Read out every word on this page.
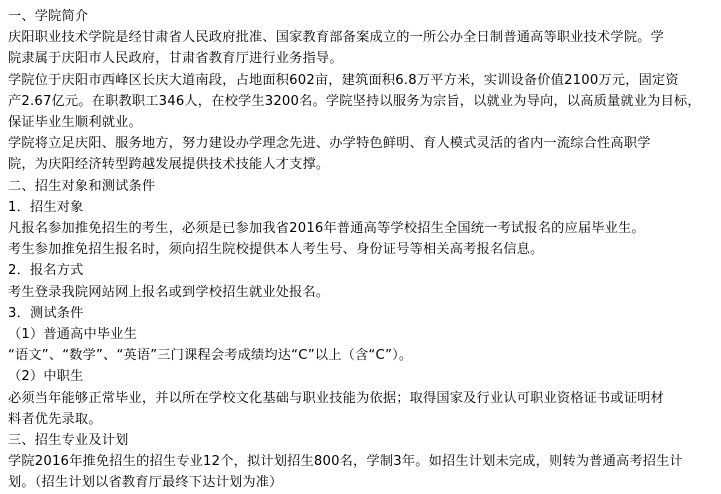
一、学院简介
庆阳职业技术学院是经甘肃省人民政府批准、国家教育部备案成立的一所公办全日制普通高等职业技术学院。学
院隶属于庆阳市人民政府，甘肃省教育厅进行业务指导。
学院位于庆阳市西峰区长庆大道南段，占地面积602亩，建筑面积6.8万平方米，实训设备价值2100万元，固定资
产2.67亿元。在职教职工346人，在校学生3200名。学院坚持以服务为宗旨，以就业为导向，以高质量就业为目标，
保证毕业生顺利就业。
学院将立足庆阳、服务地方，努力建设办学理念先进、办学特色鲜明、育人模式灵活的省内一流综合性高职学
院，为庆阳经济转型跨越发展提供技术技能人才支撑。
二、招生对象和测试条件
1．招生对象
凡报名参加推免招生的考生，必须是已参加我省2016年普通高等学校招生全国统一考试报名的应届毕业生。
考生参加推免招生报名时，须向招生院校提供本人考生号、身份证号等相关高考报名信息。
2．报名方式
考生登录我院网站网上报名或到学校招生就业处报名。
3．测试条件
（1）普通高中毕业生
“语文”、“数学”、“英语”三门课程会考成绩均达“C”以上（含“C”）。
（2）中职生
必须当年能够正常毕业，并以所在学校文化基础与职业技能为依据；取得国家及行业认可职业资格证书或证明材
料者优先录取。
三、招生专业及计划
学院2016年推免招生的招生专业12个，拟计划招生800名，学制3年。如招生计划未完成，则转为普通高考招生计
划。（招生计划以省教育厅最终下达计划为准）
